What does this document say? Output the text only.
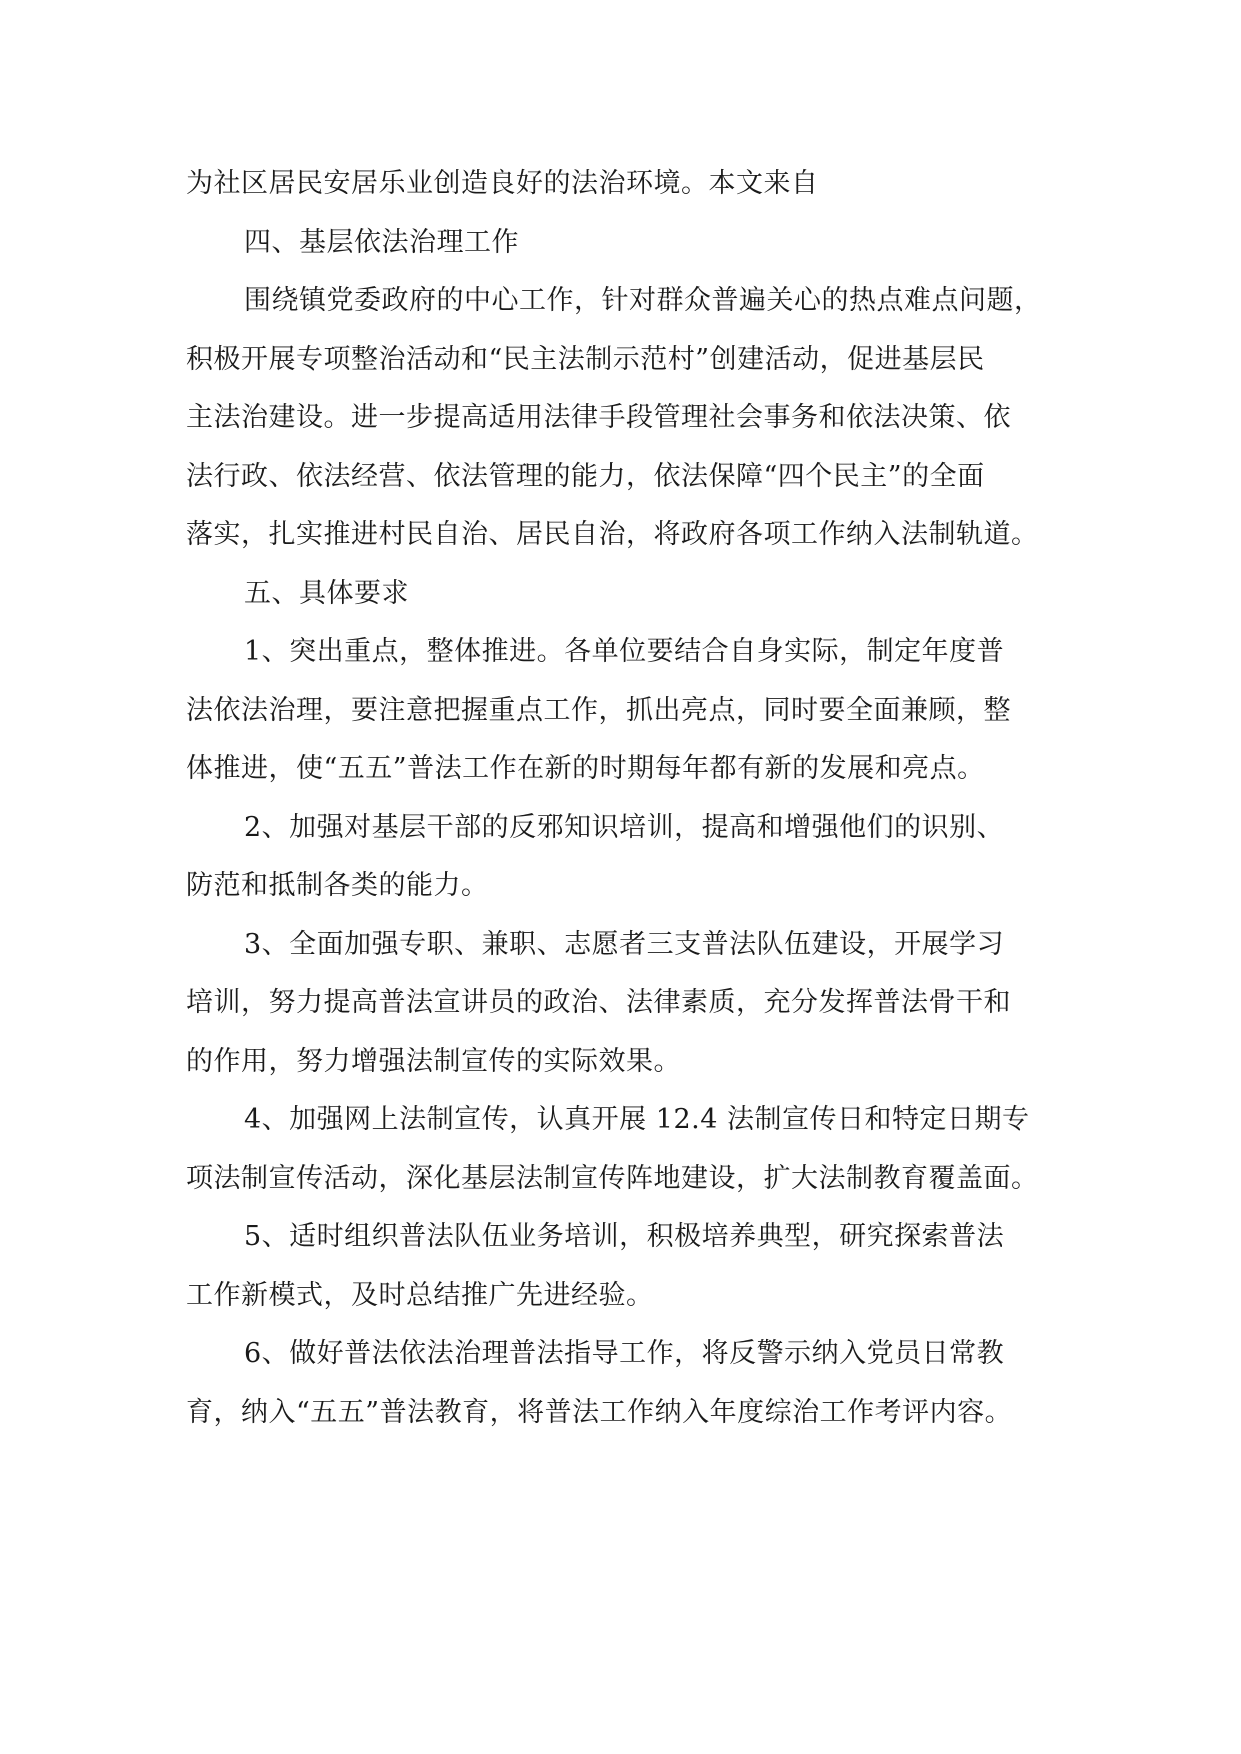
为社区居民安居乐业创造良好的法治环境。本文来自
四、基层依法治理工作
围绕镇党委政府的中心工作，针对群众普遍关心的热点难点问题，
积极开展专项整治活动和“民主法制示范村”创建活动，促进基层民
主法治建设。进一步提高适用法律手段管理社会事务和依法决策、依
法行政、依法经营、依法管理的能力，依法保障“四个民主”的全面
落实，扎实推进村民自治、居民自治，将政府各项工作纳入法制轨道。
五、具体要求
1、突出重点，整体推进。各单位要结合自身实际，制定年度普
法依法治理，要注意把握重点工作，抓出亮点，同时要全面兼顾，整
体推进，使“五五”普法工作在新的时期每年都有新的发展和亮点。
2、加强对基层干部的反邪知识培训，提高和增强他们的识别、
防范和抵制各类的能力。
3、全面加强专职、兼职、志愿者三支普法队伍建设，开展学习
培训，努力提高普法宣讲员的政治、法律素质，充分发挥普法骨干和
的作用，努力增强法制宣传的实际效果。
4、加强网上法制宣传，认真开展 12.4 法制宣传日和特定日期专
项法制宣传活动，深化基层法制宣传阵地建设，扩大法制教育覆盖面。
5、适时组织普法队伍业务培训，积极培养典型，研究探索普法
工作新模式，及时总结推广先进经验。
6、做好普法依法治理普法指导工作，将反警示纳入党员日常教
育，纳入“五五”普法教育，将普法工作纳入年度综治工作考评内容。
